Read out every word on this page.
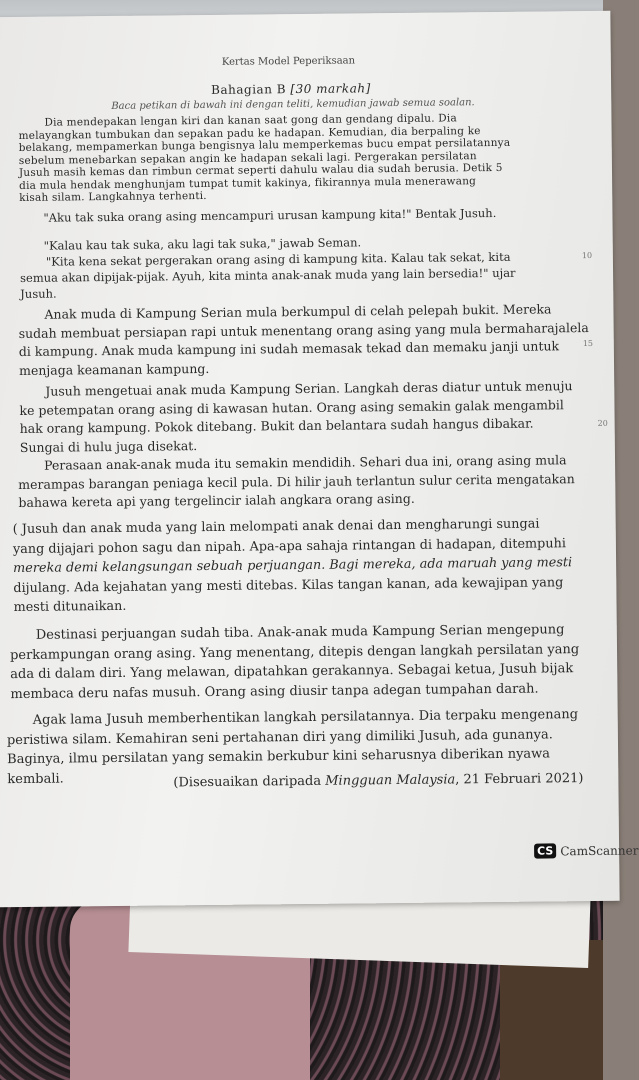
Kertas Model Peperiksaan
Bahagian B [30 markah]
Baca petikan di bawah ini dengan teliti, kemudian jawab semua soalan.
Dia mendepakan lengan kiri dan kanan saat gong dan gendang dipalu. Dia
melayangkan tumbukan dan sepakan padu ke hadapan. Kemudian, dia berpaling ke
belakang, mempamerkan bunga bengisnya lalu memperkemas bucu empat persilatannya
sebelum menebarkan sepakan angin ke hadapan sekali lagi. Pergerakan persilatan
Jusuh masih kemas dan rimbun cermat seperti dahulu walau dia sudah berusia. Detik 5
dia mula hendak menghunjam tumpat tumit kakinya, fikirannya mula menerawang
kisah silam. Langkahnya terhenti.
"Aku tak suka orang asing mencampuri urusan kampung kita!" Bentak Jusuh.
"Kalau kau tak suka, aku lagi tak suka," jawab Seman.
"Kita kena sekat pergerakan orang asing di kampung kita. Kalau tak sekat, kita
semua akan dipijak-pijak. Ayuh, kita minta anak-anak muda yang lain bersedia!" ujar
Jusuh.
Anak muda di Kampung Serian mula berkumpul di celah pelepah bukit. Mereka
sudah membuat persiapan rapi untuk menentang orang asing yang mula bermaharajalela
di kampung. Anak muda kampung ini sudah memasak tekad dan memaku janji untuk
menjaga keamanan kampung.
Jusuh mengetuai anak muda Kampung Serian. Langkah deras diatur untuk menuju
ke petempatan orang asing di kawasan hutan. Orang asing semakin galak mengambil
hak orang kampung. Pokok ditebang. Bukit dan belantara sudah hangus dibakar.
Sungai di hulu juga disekat.
Perasaan anak-anak muda itu semakin mendidih. Sehari dua ini, orang asing mula
merampas barangan peniaga kecil pula. Di hilir jauh terlantun sulur cerita mengatakan
bahawa kereta api yang tergelincir ialah angkara orang asing.
( Jusuh dan anak muda yang lain melompati anak denai dan mengharungi sungai
yang dijajari pohon sagu dan nipah. Apa-apa sahaja rintangan di hadapan, ditempuhi
mereka demi kelangsungan sebuah perjuangan. Bagi mereka, ada maruah yang mesti
dijulang. Ada kejahatan yang mesti ditebas. Kilas tangan kanan, ada kewajipan yang
mesti ditunaikan.
Destinasi perjuangan sudah tiba. Anak-anak muda Kampung Serian mengepung
perkampungan orang asing. Yang menentang, ditepis dengan langkah persilatan yang
ada di dalam diri. Yang melawan, dipatahkan gerakannya. Sebagai ketua, Jusuh bijak
membaca deru nafas musuh. Orang asing diusir tanpa adegan tumpahan darah.
Agak lama Jusuh memberhentikan langkah persilatannya. Dia terpaku mengenang
peristiwa silam. Kemahiran seni pertahanan diri yang dimiliki Jusuh, ada gunanya.
Baginya, ilmu persilatan yang semakin berkubur kini seharusnya diberikan nyawa
kembali.	(Disesuaikan daripada Mingguan Malaysia, 21 Februari 2021)
10
15
20
CS CamScanner
